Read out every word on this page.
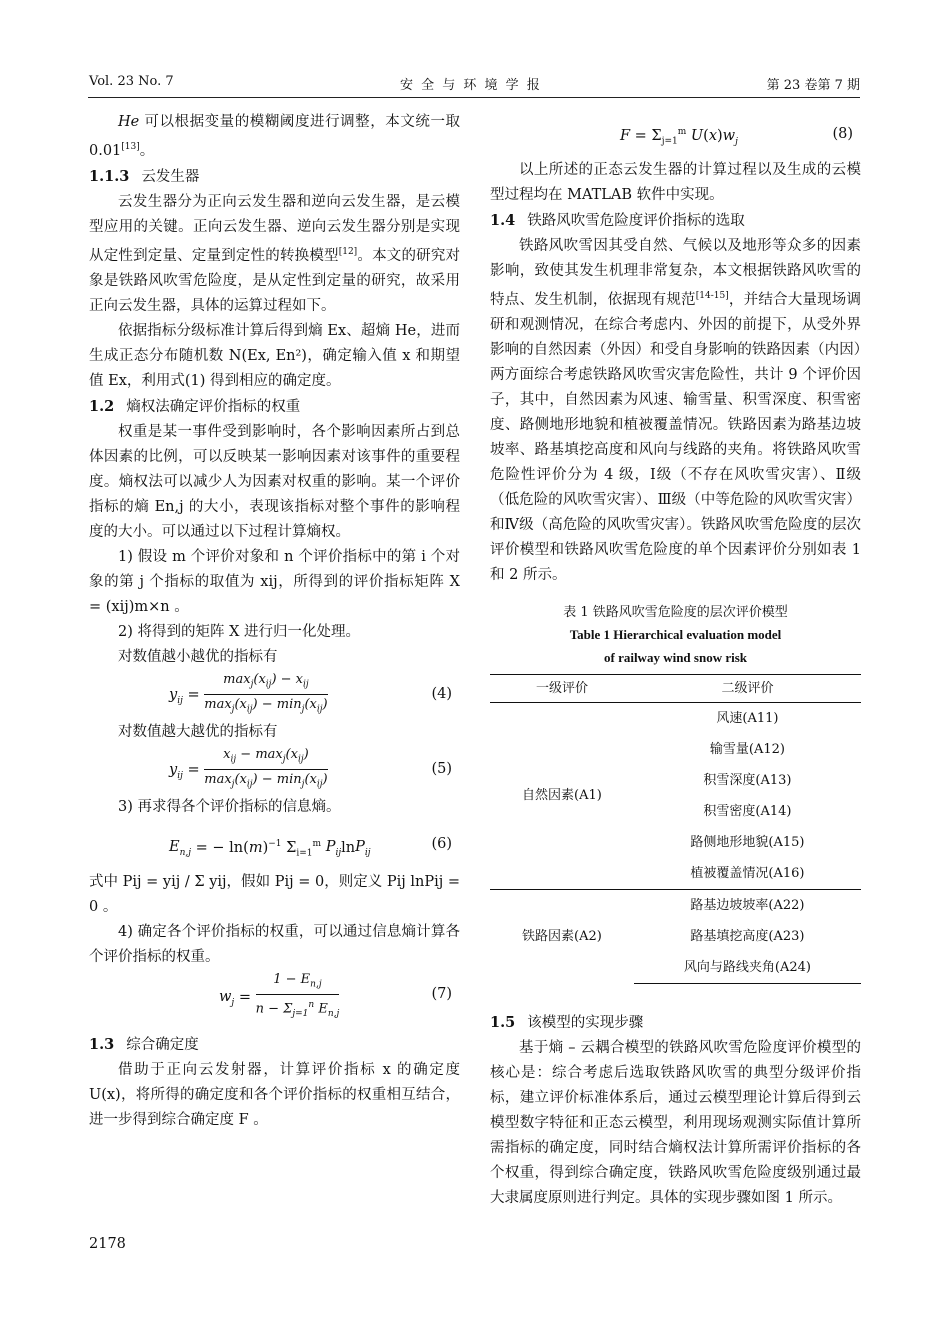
Vol. 23 No. 7	安 全 与 环 境 学 报	第 23 卷第 7 期

He 可以根据变量的模糊阈度进行调整，本文统一取 0.01[13]。

1.1.3 云发生器

云发生器分为正向云发生器和逆向云发生器，是云模型应用的关键。正向云发生器、逆向云发生器分别是实现从定性到定量、定量到定性的转换模型[12]。本文的研究对象是铁路风吹雪危险度，是从定性到定量的研究，故采用正向云发生器，具体的运算过程如下。

依据指标分级标准计算后得到熵 Ex、超熵 He，进而生成正态分布随机数 N(Ex, En²)，确定输入值 x 和期望值 Ex，利用式(1) 得到相应的确定度。

1.2 熵权法确定评价指标的权重

权重是某一事件受到影响时，各个影响因素所占到总体因素的比例，可以反映某一影响因素对该事件的重要程度。熵权法可以减少人为因素对权重的影响。某一个评价指标的熵 En,j 的大小，表现该指标对整个事件的影响程度的大小。可以通过以下过程计算熵权。

1) 假设 m 个评价对象和 n 个评价指标中的第 i 个对象的第 j 个指标的取值为 xij，所得到的评价指标矩阵 X = (xij)m×n 。

2) 将得到的矩阵 X 进行归一化处理。

对数值越小越优的指标有

$y_{ij} = \frac{\max_j(x_{ij}) - x_{ij}}{\max_j(x_{ij}) - \min_j(x_{ij})}$	(4)

对数值越大越优的指标有

$y_{ij} = \frac{x_{ij} - \max_j(x_{ij})}{\max_j(x_{ij}) - \min_j(x_{ij})}$	(5)

3) 再求得各个评价指标的信息熵。

$E_{n,j}$ = − $\ln(m)^{-1}$ $\Sigma_{i=1}^m$ $P_{ij}\ln P_{ij}$
(6)

式中 Pij = yij / Σ yij，假如 Pij = 0，则定义 Pij lnPij = 0 。

4) 确定各个评价指标的权重，可以通过信息熵计算各个评价指标的权重。

$w_j = \frac{1 - E_{n,j}}{n - \Sigma_{j=1}^n E_{n,j}}$	(7)

1.3 综合确定度

借助于正向云发射器，计算评价指标 x 的确定度 U(x)，将所得的确定度和各个评价指标的权重相互结合，进一步得到综合确定度 F 。

$F = \Sigma_{j=1}^m$ $U(x)w_j$	(8)

以上所述的正态云发生器的计算过程以及生成的云模型过程均在 MATLAB 软件中实现。

1.4 铁路风吹雪危险度评价指标的选取

铁路风吹雪因其受自然、气候以及地形等众多的因素影响，致使其发生机理非常复杂，本文根据铁路风吹雪的特点、发生机制，依据现有规范[14-15]，并结合大量现场调研和观测情况，在综合考虑内、外因的前提下，从受外界影响的自然因素（外因）和受自身影响的铁路因素（内因）两方面综合考虑铁路风吹雪灾害危险性，共计 9 个评价因子，其中，自然因素为风速、输雪量、积雪深度、积雪密度、路侧地形地貌和植被覆盖情况。铁路因素为路基边坡坡率、路基填挖高度和风向与线路的夹角。将铁路风吹雪危险性评价分为 4 级，Ⅰ级（不存在风吹雪灾害）、Ⅱ级（低危险的风吹雪灾害）、Ⅲ级（中等危险的风吹雪灾害）和Ⅳ级（高危险的风吹雪灾害）。铁路风吹雪危险度的层次评价模型和铁路风吹雪危险度的单个因素评价分别如表 1 和 2 所示。

表 1 铁路风吹雪危险度的层次评价模型
Table 1 Hierarchical evaluation model
of railway wind snow risk
一级评价	二级评价
自然因素(A1)	风速(A11)
	输雪量(A12)
	积雪深度(A13)
	积雪密度(A14)
	路侧地形地貌(A15)
	植被覆盖情况(A16)
铁路因素(A2)	路基边坡坡率(A22)
	路基填挖高度(A23)
	风向与路线夹角(A24)

1.5 该模型的实现步骤

基于熵 – 云耦合模型的铁路风吹雪危险度评价模型的核心是：综合考虑后选取铁路风吹雪的典型分级评价指标，建立评价标准体系后，通过云模型理论计算后得到云模型数字特征和正态云模型，利用现场观测实际值计算所需指标的确定度，同时结合熵权法计算所需评价指标的各个权重，得到综合确定度，铁路风吹雪危险度级别通过最大隶属度原则进行判定。具体的实现步骤如图 1 所示。

2178
